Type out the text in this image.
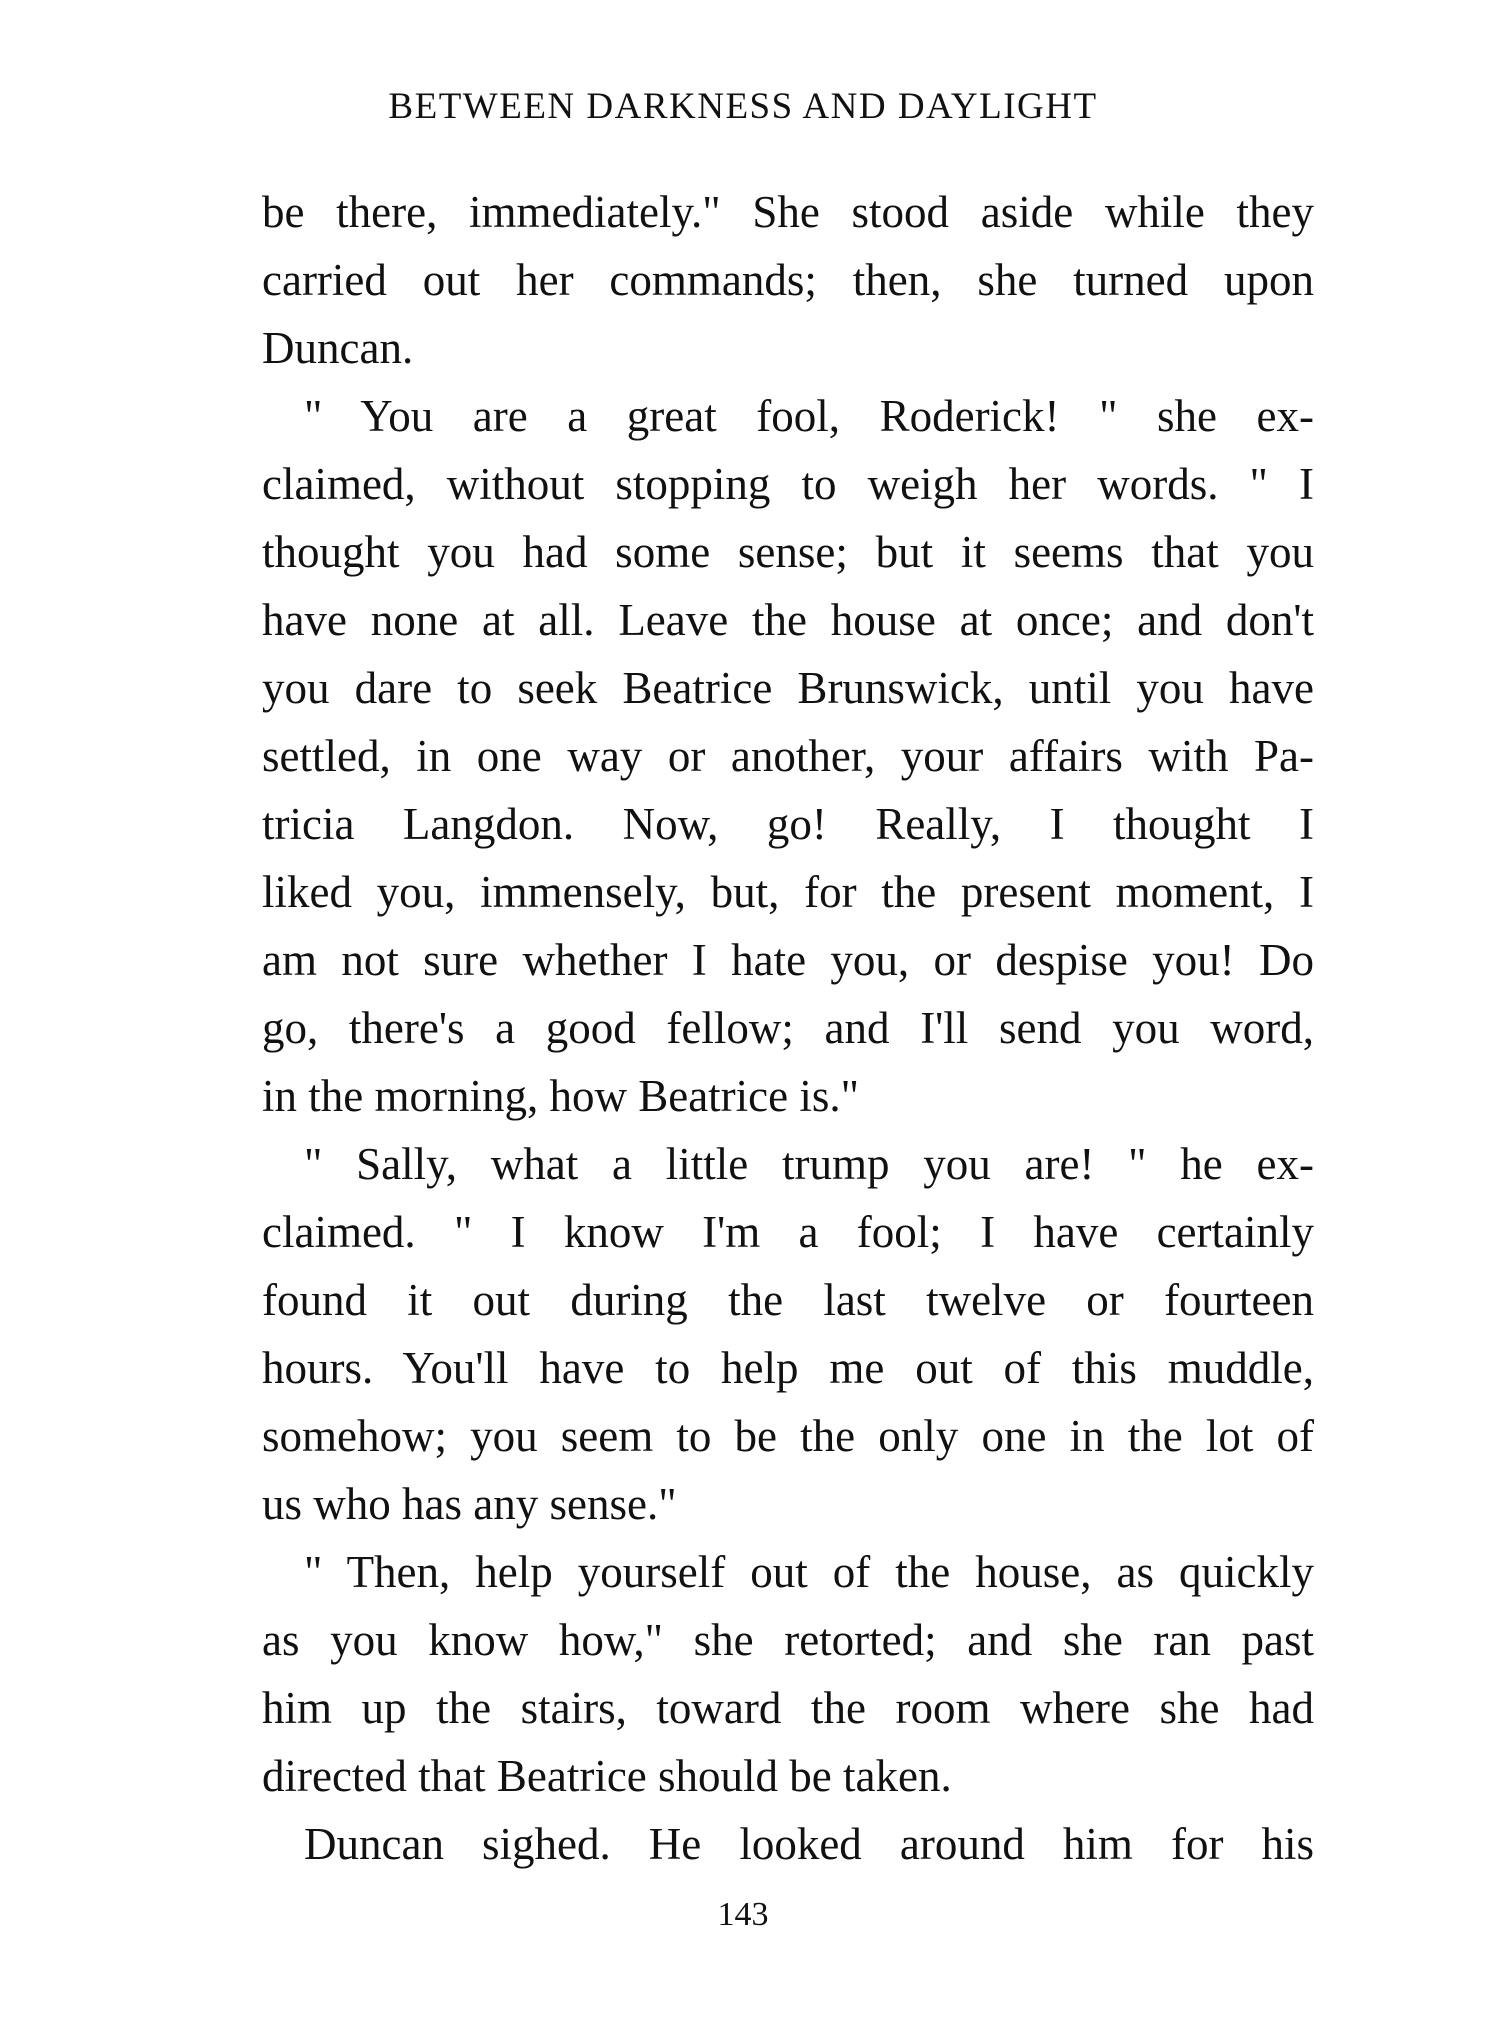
BETWEEN DARKNESS AND DAYLIGHT
be there, immediately." She stood aside while they
carried out her commands; then, she turned upon
Duncan.
" You are a great fool, Roderick! " she ex-
claimed, without stopping to weigh her words. " I
thought you had some sense; but it seems that you
have none at all. Leave the house at once; and don't
you dare to seek Beatrice Brunswick, until you have
settled, in one way or another, your affairs with Pa-
tricia Langdon. Now, go! Really, I thought I
liked you, immensely, but, for the present moment, I
am not sure whether I hate you, or despise you! Do
go, there's a good fellow; and I'll send you word,
in the morning, how Beatrice is."
" Sally, what a little trump you are! " he ex-
claimed. " I know I'm a fool; I have certainly
found it out during the last twelve or fourteen
hours. You'll have to help me out of this muddle,
somehow; you seem to be the only one in the lot of
us who has any sense."
" Then, help yourself out of the house, as quickly
as you know how," she retorted; and she ran past
him up the stairs, toward the room where she had
directed that Beatrice should be taken.
Duncan sighed. He looked around him for his
143
